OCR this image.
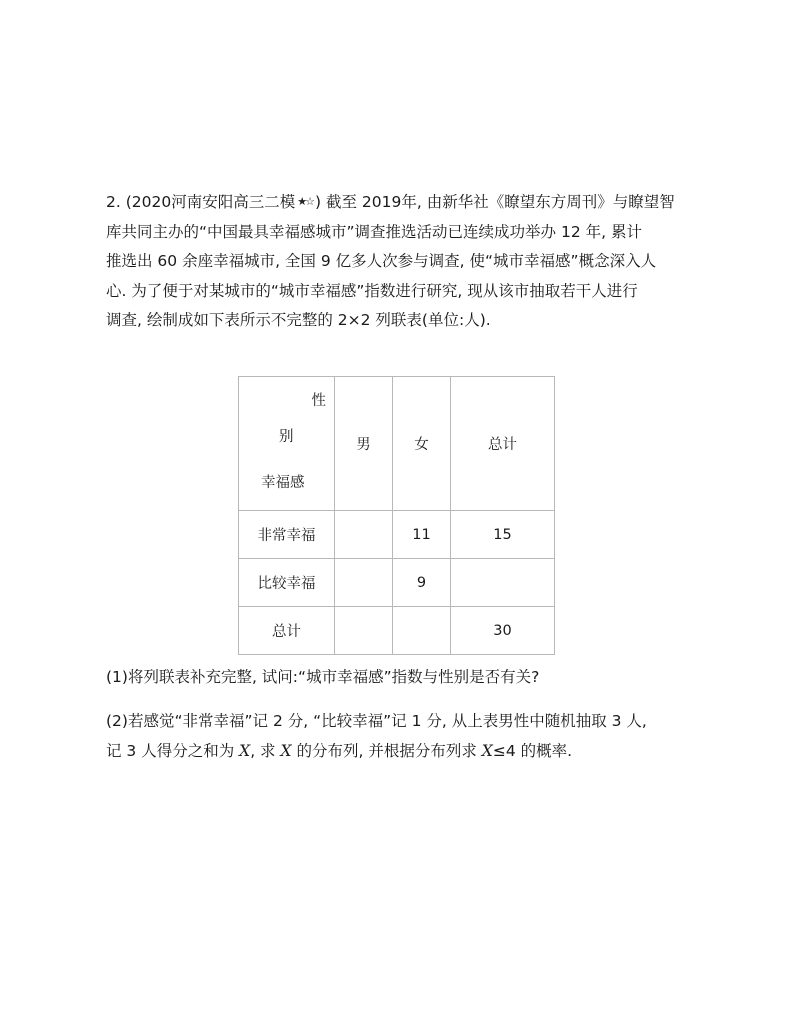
2. (2020河南安阳高三二模 ★☆ ) 截至 2019年, 由新华社《瞭望东方周刊》与瞭望智

库共同主办的“中国最具幸福感城市”调查推选活动已连续成功举办 12 年, 累计

推选出 60 余座幸福城市, 全国 9 亿多人次参与调查, 使“城市幸福感”概念深入人

心. 为了便于对某城市的“城市幸福感”指数进行研究, 现从该市抽取若干人进行

调查, 绘制成如下表所示不完整的 2×2 列联表(单位:人).

性
别
幸福感	男	女	总计
非常幸福		11	15
比较幸福		9	
总计			30

(1)将列联表补充完整, 试问:“城市幸福感”指数与性别是否有关?

(2)若感觉“非常幸福”记 2 分, “比较幸福”记 1 分, 从上表男性中随机抽取 3 人,
记 3 人得分之和为 X, 求 X 的分布列, 并根据分布列求 X≤4 的概率.
